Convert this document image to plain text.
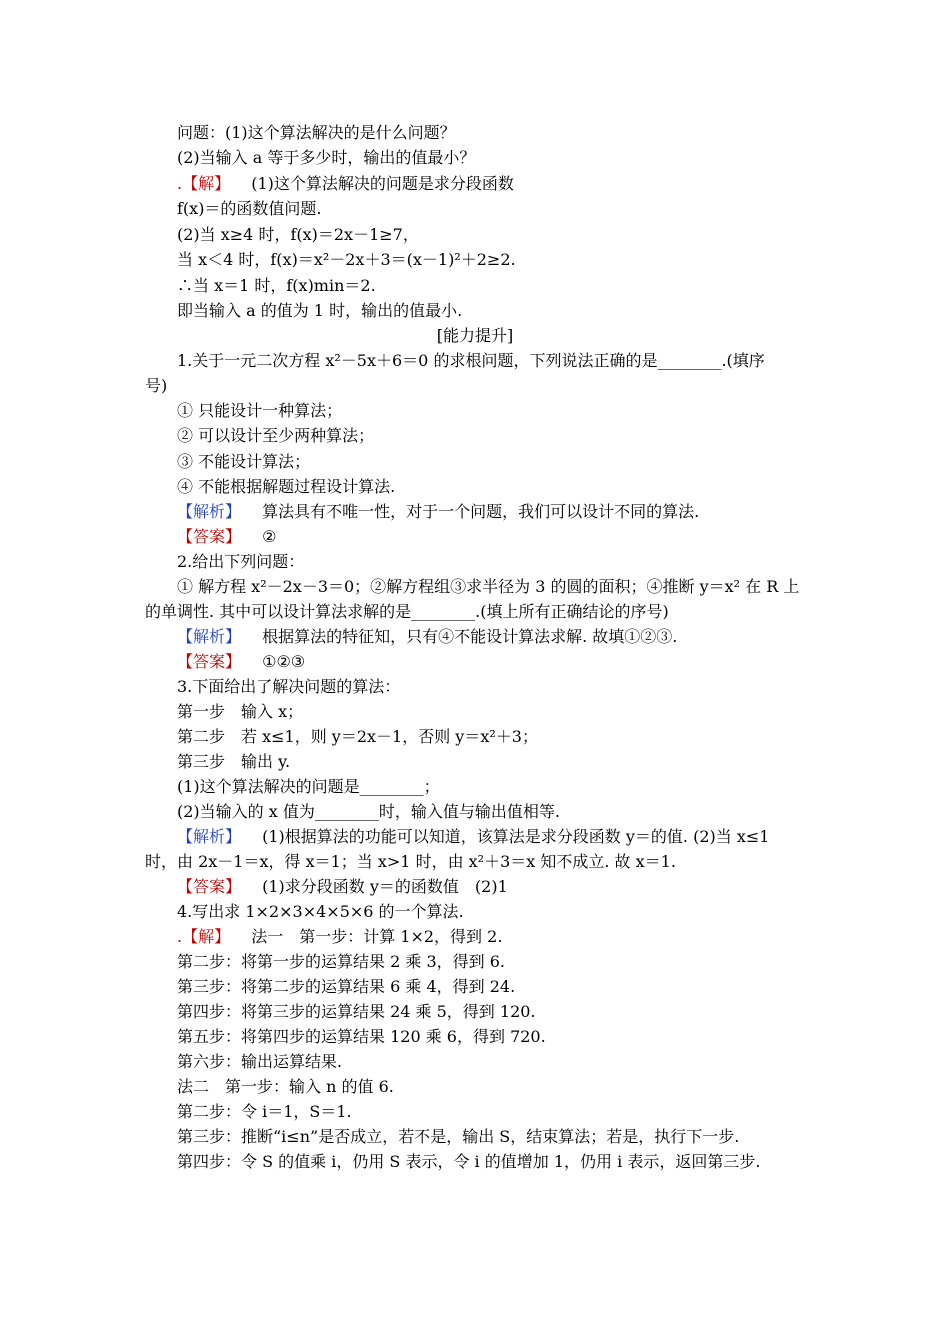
问题：(1)这个算法解决的是什么问题？
(2)当输入 a 等于多少时，输出的值最小？
.【解】 (1)这个算法解决的问题是求分段函数
f(x)＝的函数值问题.
(2)当 x≥4 时，f(x)＝2x－1≥7，
当 x＜4 时，f(x)＝x²－2x＋3＝(x－1)²＋2≥2.
∴当 x＝1 时，f(x)min＝2.
即当输入 a 的值为 1 时，输出的值最小.
[能力提升]
1.关于一元二次方程 x²－5x＋6＝0 的求根问题，下列说法正确的是________.(填序
号)
① 只能设计一种算法；
② 可以设计至少两种算法；
③ 不能设计算法；
④ 不能根据解题过程设计算法.
【解析】 算法具有不唯一性，对于一个问题，我们可以设计不同的算法.
【答案】 ②
2.给出下列问题：
① 解方程 x²－2x－3＝0；②解方程组③求半径为 3 的圆的面积；④推断 y＝x² 在 R 上
的单调性. 其中可以设计算法求解的是________.(填上所有正确结论的序号)
【解析】 根据算法的特征知，只有④不能设计算法求解. 故填①②③.
【答案】 ①②③
3.下面给出了解决问题的算法：
第一步　输入 x；
第二步　若 x≤1，则 y＝2x－1，否则 y＝x²＋3；
第三步　输出 y.
(1)这个算法解决的问题是________；
(2)当输入的 x 值为________时，输入值与输出值相等.
【解析】 (1)根据算法的功能可以知道，该算法是求分段函数 y＝的值. (2)当 x≤1
时，由 2x－1＝x，得 x＝1；当 x>1 时，由 x²＋3＝x 知不成立. 故 x＝1.
【答案】 (1)求分段函数 y＝的函数值　(2)1
4.写出求 1×2×3×4×5×6 的一个算法.
.【解】 法一　第一步：计算 1×2，得到 2.
第二步：将第一步的运算结果 2 乘 3，得到 6.
第三步：将第二步的运算结果 6 乘 4，得到 24.
第四步：将第三步的运算结果 24 乘 5，得到 120.
第五步：将第四步的运算结果 120 乘 6，得到 720.
第六步：输出运算结果.
法二　第一步：输入 n 的值 6.
第二步：令 i＝1，S＝1.
第三步：推断“i≤n”是否成立，若不是，输出 S，结束算法；若是，执行下一步.
第四步：令 S 的值乘 i，仍用 S 表示，令 i 的值增加 1，仍用 i 表示，返回第三步.
